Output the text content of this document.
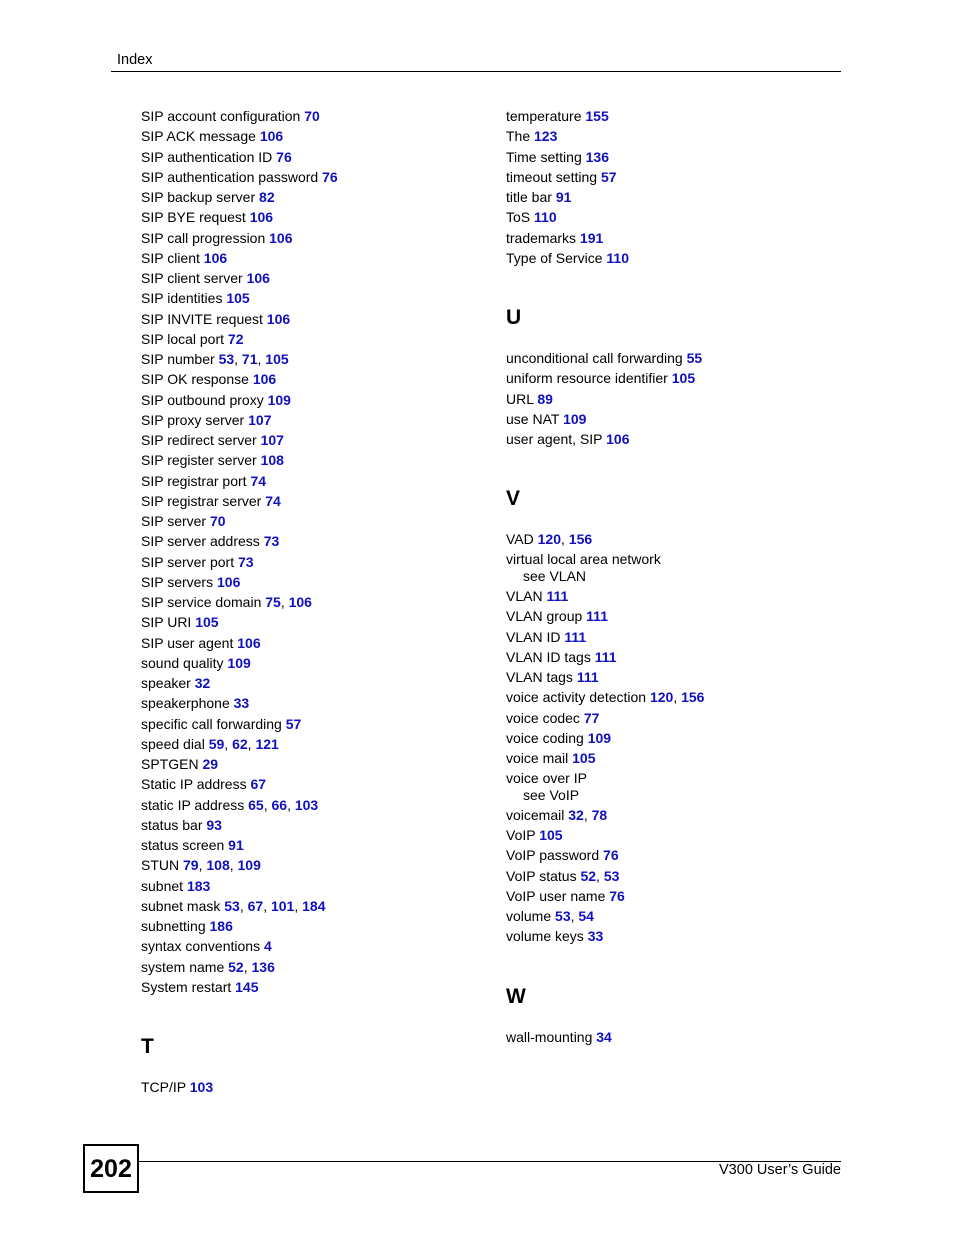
Index
SIP account configuration 70
SIP ACK message 106
SIP authentication ID 76
SIP authentication password 76
SIP backup server 82
SIP BYE request 106
SIP call progression 106
SIP client 106
SIP client server 106
SIP identities 105
SIP INVITE request 106
SIP local port 72
SIP number 53, 71, 105
SIP OK response 106
SIP outbound proxy 109
SIP proxy server 107
SIP redirect server 107
SIP register server 108
SIP registrar port 74
SIP registrar server 74
SIP server 70
SIP server address 73
SIP server port 73
SIP servers 106
SIP service domain 75, 106
SIP URI 105
SIP user agent 106
sound quality 109
speaker 32
speakerphone 33
specific call forwarding 57
speed dial 59, 62, 121
SPTGEN 29
Static IP address 67
static IP address 65, 66, 103
status bar 93
status screen 91
STUN 79, 108, 109
subnet 183
subnet mask 53, 67, 101, 184
subnetting 186
syntax conventions 4
system name 52, 136
System restart 145
T
TCP/IP 103
temperature 155
The 123
Time setting 136
timeout setting 57
title bar 91
ToS 110
trademarks 191
Type of Service 110
U
unconditional call forwarding 55
uniform resource identifier 105
URL 89
use NAT 109
user agent, SIP 106
V
VAD 120, 156
virtual local area network
see VLAN
VLAN 111
VLAN group 111
VLAN ID 111
VLAN ID tags 111
VLAN tags 111
voice activity detection 120, 156
voice codec 77
voice coding 109
voice mail 105
voice over IP
see VoIP
voicemail 32, 78
VoIP 105
VoIP password 76
VoIP status 52, 53
VoIP user name 76
volume 53, 54
volume keys 33
W
wall-mounting 34
202	V300 User’s Guide
